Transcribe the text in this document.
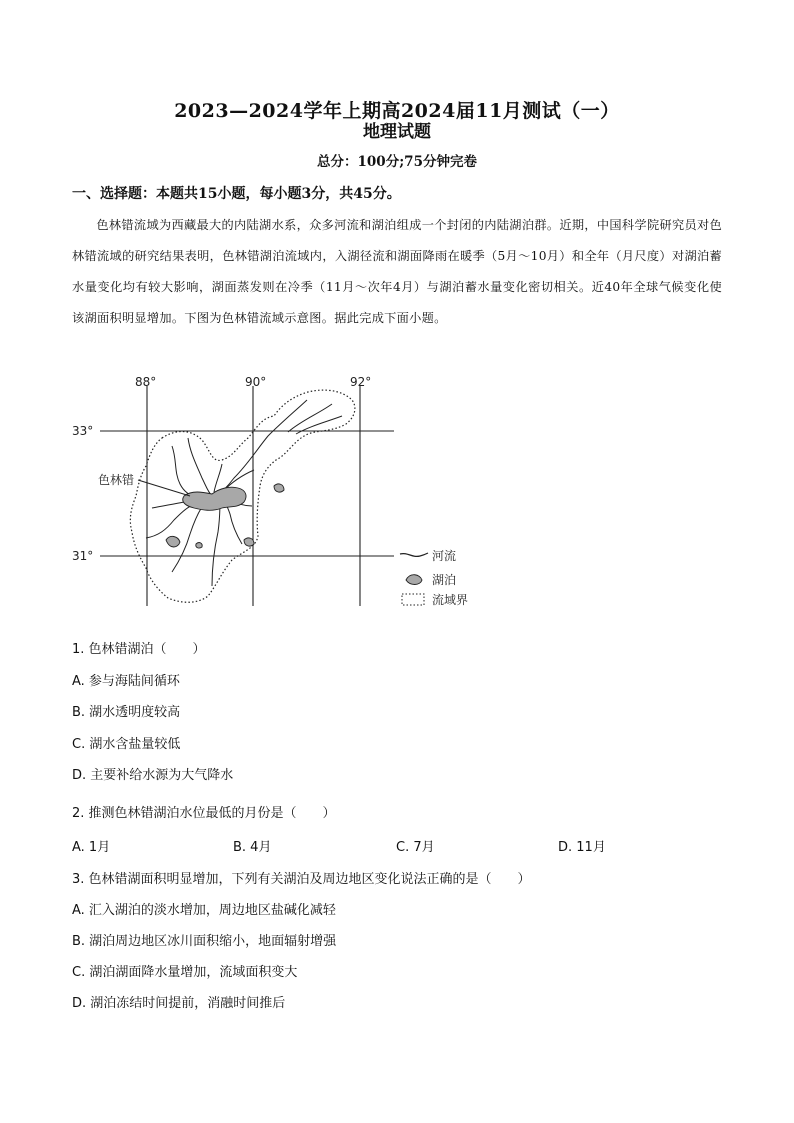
2023—2024学年上期高2024届11月测试（一）
地理试题
总分：100分;75分钟完卷
一、选择题：本题共15小题，每小题3分，共45分。
色林错流域为西藏最大的内陆湖水系，众多河流和湖泊组成一个封闭的内陆湖泊群。近期，中国科学院研究员对色林错流域的研究结果表明，色林错湖泊流域内，入湖径流和湖面降雨在暖季（5月～10月）和全年（月尺度）对湖泊蓄水量变化均有较大影响，湖面蒸发则在冷季（11月～次年4月）与湖泊蓄水量变化密切相关。近40年全球气候变化使该湖面积明显增加。下图为色林错流域示意图。据此完成下面小题。
88°	90°	92°
33°
31°
色林错
河流
湖泊
流域界
1. 色林错湖泊（　　）
A. 参与海陆间循环
B. 湖水透明度较高
C. 湖水含盐量较低
D. 主要补给水源为大气降水
2. 推测色林错湖泊水位最低的月份是（　　）
A. 1月	B. 4月	C. 7月	D. 11月
3. 色林错湖面积明显增加，下列有关湖泊及周边地区变化说法正确的是（　　）
A. 汇入湖泊的淡水增加，周边地区盐碱化减轻
B. 湖泊周边地区冰川面积缩小，地面辐射增强
C. 湖泊湖面降水量增加，流域面积变大
D. 湖泊冻结时间提前，消融时间推后
